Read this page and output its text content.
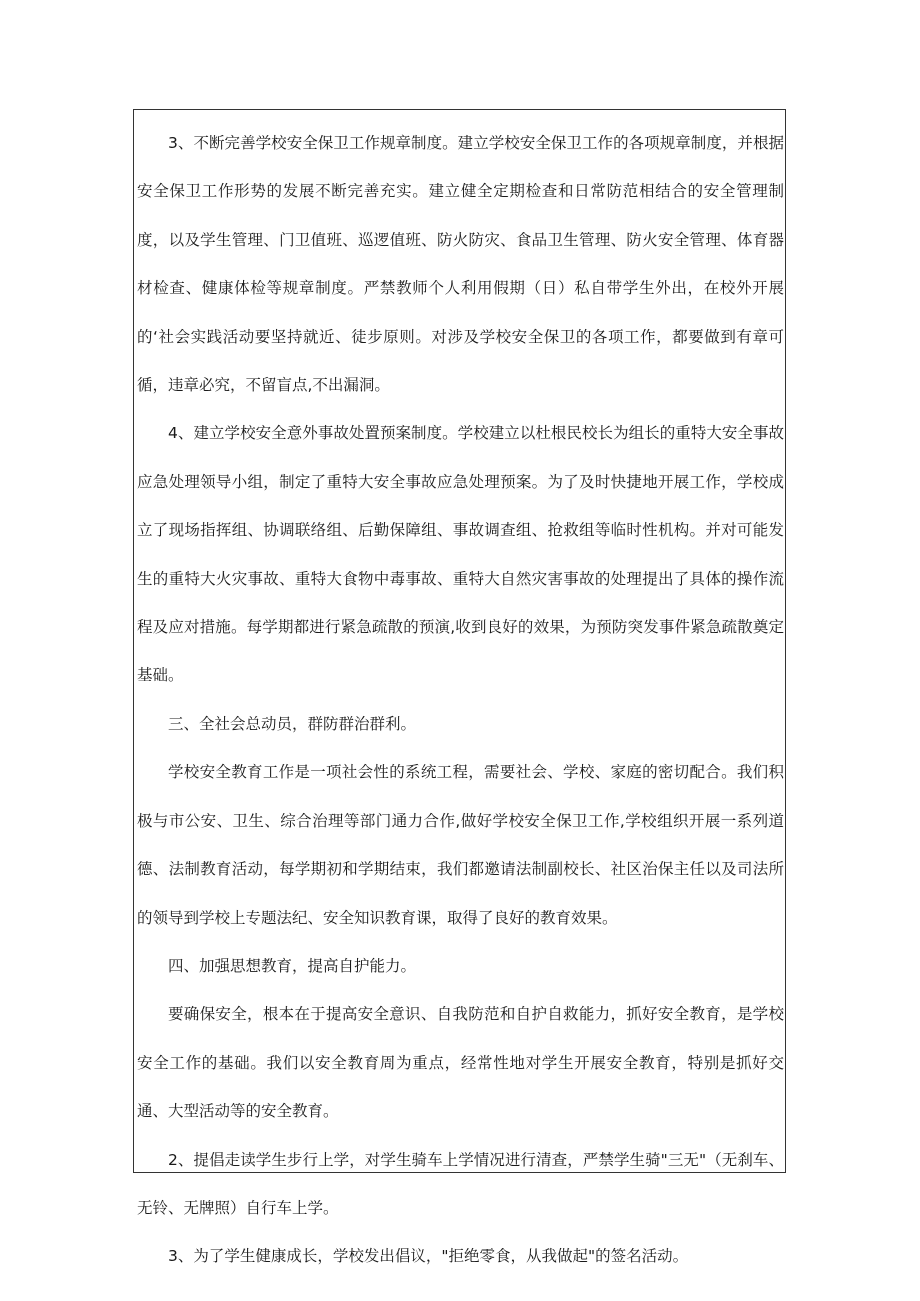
3、不断完善学校安全保卫工作规章制度。建立学校安全保卫工作的各项规章制度，并根据安全保卫工作形势的发展不断完善充实。建立健全定期检查和日常防范相结合的安全管理制度，以及学生管理、门卫值班、巡逻值班、防火防灾、食品卫生管理、防火安全管理、体育器材检查、健康体检等规章制度。严禁教师个人利用假期（日）私自带学生外出，在校外开展的‘社会实践活动要坚持就近、徒步原则。对涉及学校安全保卫的各项工作，都要做到有章可循，违章必究，不留盲点,不出漏洞。

4、建立学校安全意外事故处置预案制度。学校建立以杜根民校长为组长的重特大安全事故应急处理领导小组，制定了重特大安全事故应急处理预案。为了及时快捷地开展工作，学校成立了现场指挥组、协调联络组、后勤保障组、事故调查组、抢救组等临时性机构。并对可能发生的重特大火灾事故、重特大食物中毒事故、重特大自然灾害事故的处理提出了具体的操作流程及应对措施。每学期都进行紧急疏散的预演,收到良好的效果，为预防突发事件紧急疏散奠定基础。

三、全社会总动员，群防群治群利。

学校安全教育工作是一项社会性的系统工程，需要社会、学校、家庭的密切配合。我们积极与市公安、卫生、综合治理等部门通力合作,做好学校安全保卫工作,学校组织开展一系列道德、法制教育活动，每学期初和学期结束，我们都邀请法制副校长、社区治保主任以及司法所的领导到学校上专题法纪、安全知识教育课，取得了良好的教育效果。

四、加强思想教育，提高自护能力。

要确保安全，根本在于提高安全意识、自我防范和自护自救能力，抓好安全教育，是学校安全工作的基础。我们以安全教育周为重点，经常性地对学生开展安全教育，特别是抓好交通、大型活动等的安全教育。

2、提倡走读学生步行上学，对学生骑车上学情况进行清查，严禁学生骑"三无"（无刹车、无铃、无牌照）自行车上学。

3、为了学生健康成长，学校发出倡议，"拒绝零食，从我做起"的签名活动。
